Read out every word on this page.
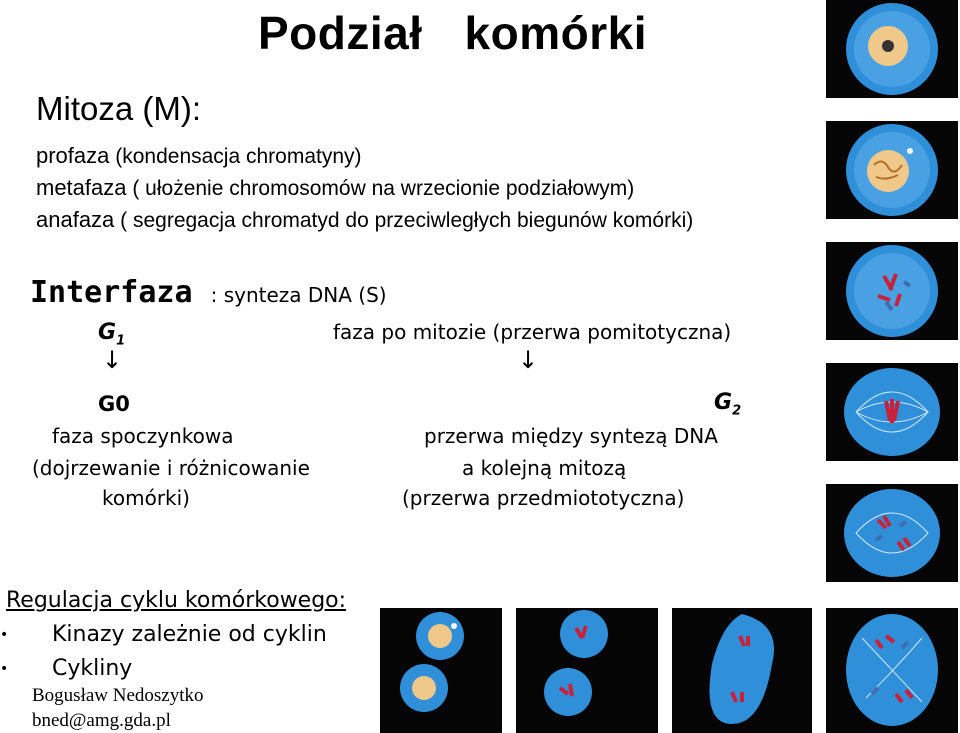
Podział komórki
Mitoza (M):
profaza (kondensacja chromatyny)
metafaza ( ułożenie chromosomów na wrzecionie podziałowym)
anafaza ( segregacja chromatyd do przeciwległych biegunów komórki)
Interfaza : synteza DNA (S)
$G_1$	faza po mitozie (przerwa pomitotyczna)
↓	↓
G0
faza spoczynkowa
(dojrzewanie i różnicowanie
komórki)
$G_2$
przerwa między syntezą DNA
a kolejną mitozą
(przerwa przedmiototyczna)
Regulacja cyklu komórkowego:
• Kinazy zależnie od cyklin
• Cykliny
Bogusław Nedoszytko
bned@amg.gda.pl
